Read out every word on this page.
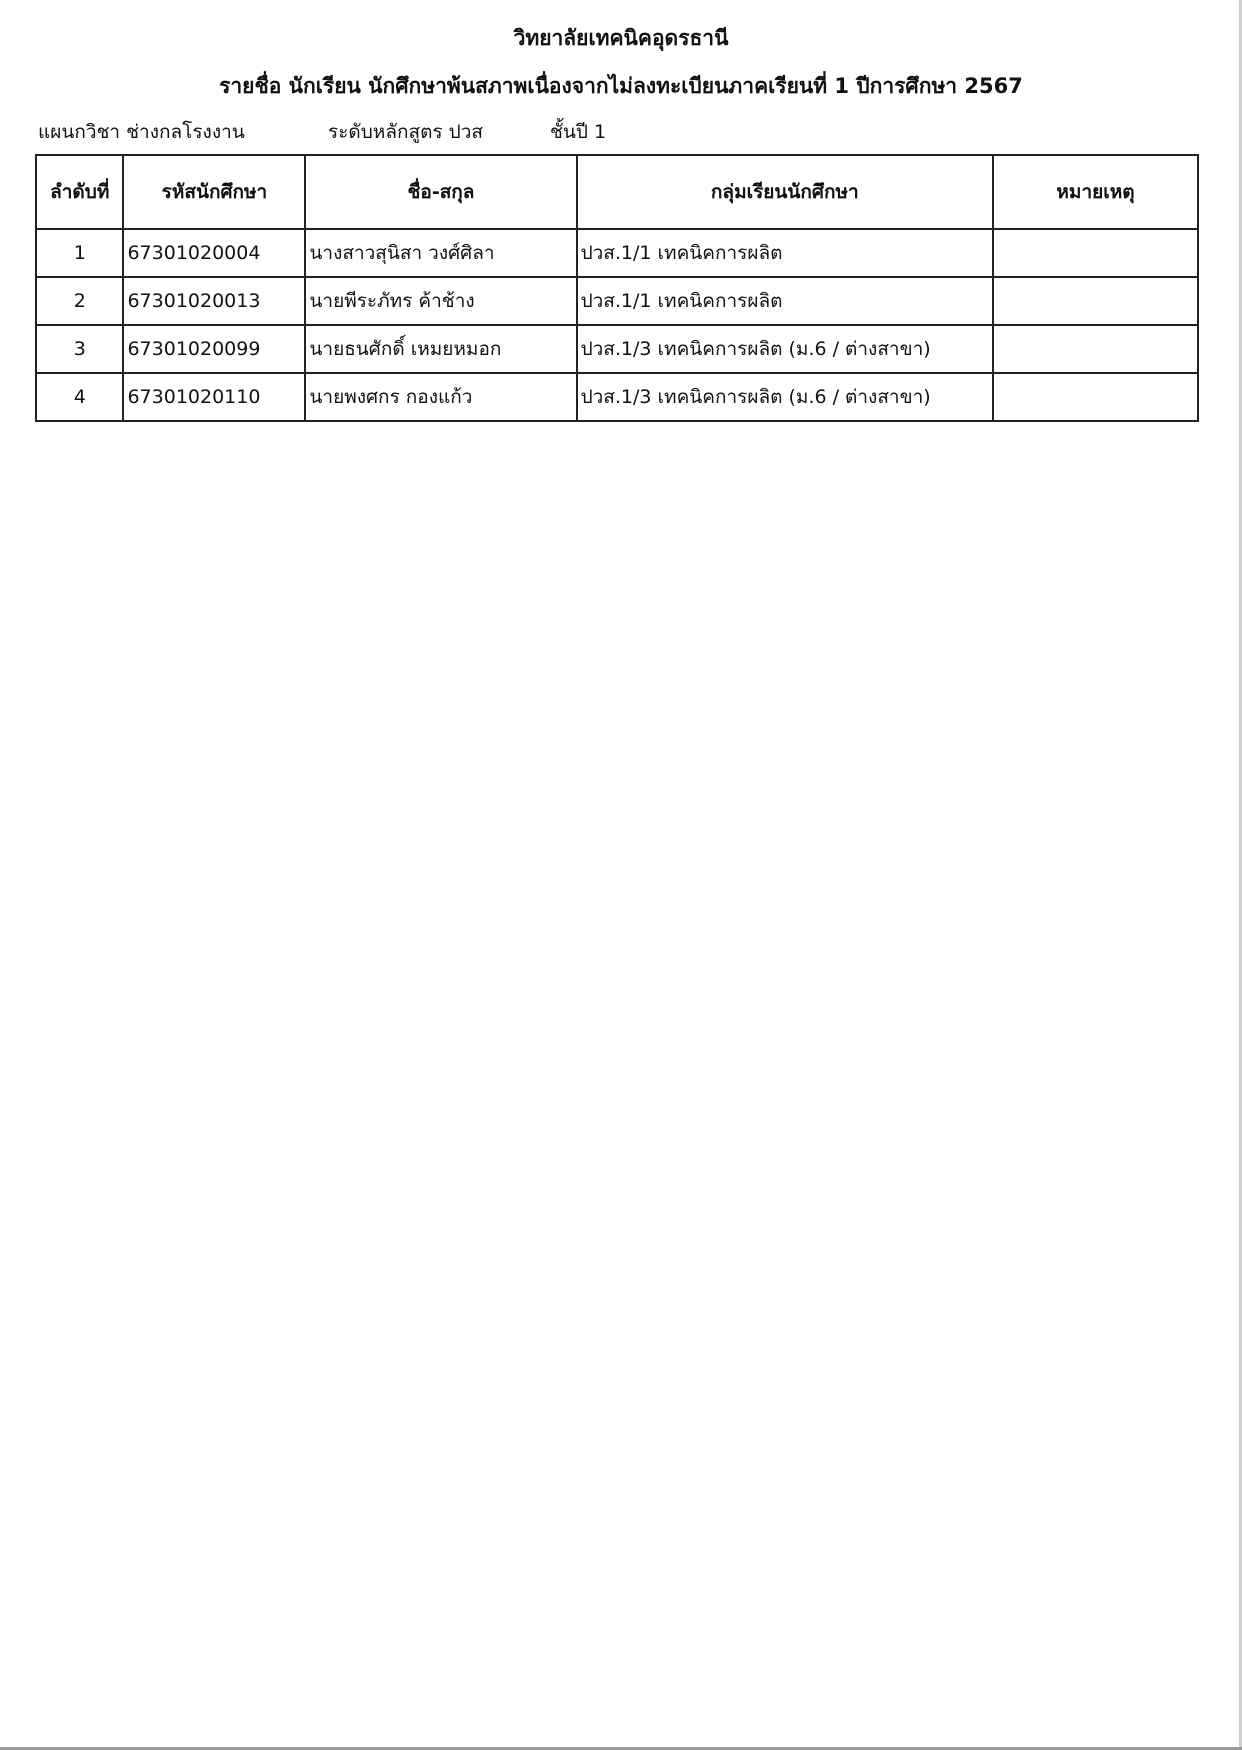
วิทยาลัยเทคนิคอุดรธานี
รายชื่อ นักเรียน นักศึกษาพ้นสภาพเนื่องจากไม่ลงทะเบียนภาคเรียนที่ 1 ปีการศึกษา 2567
แผนกวิชา ช่างกลโรงงาน	ระดับหลักสูตร ปวส	ชั้นปี 1
ลำดับที่	รหัสนักศึกษา	ชื่อ-สกุล	กลุ่มเรียนนักศึกษา	หมายเหตุ
1	67301020004	นางสาวสุนิสา วงศ์ศิลา	ปวส.1/1 เทคนิคการผลิต	
2	67301020013	นายพีระภัทร ค้าช้าง	ปวส.1/1 เทคนิคการผลิต	
3	67301020099	นายธนศักดิ์ เหมยหมอก	ปวส.1/3 เทคนิคการผลิต (ม.6 / ต่างสาขา)	
4	67301020110	นายพงศกร กองแก้ว	ปวส.1/3 เทคนิคการผลิต (ม.6 / ต่างสาขา)	
